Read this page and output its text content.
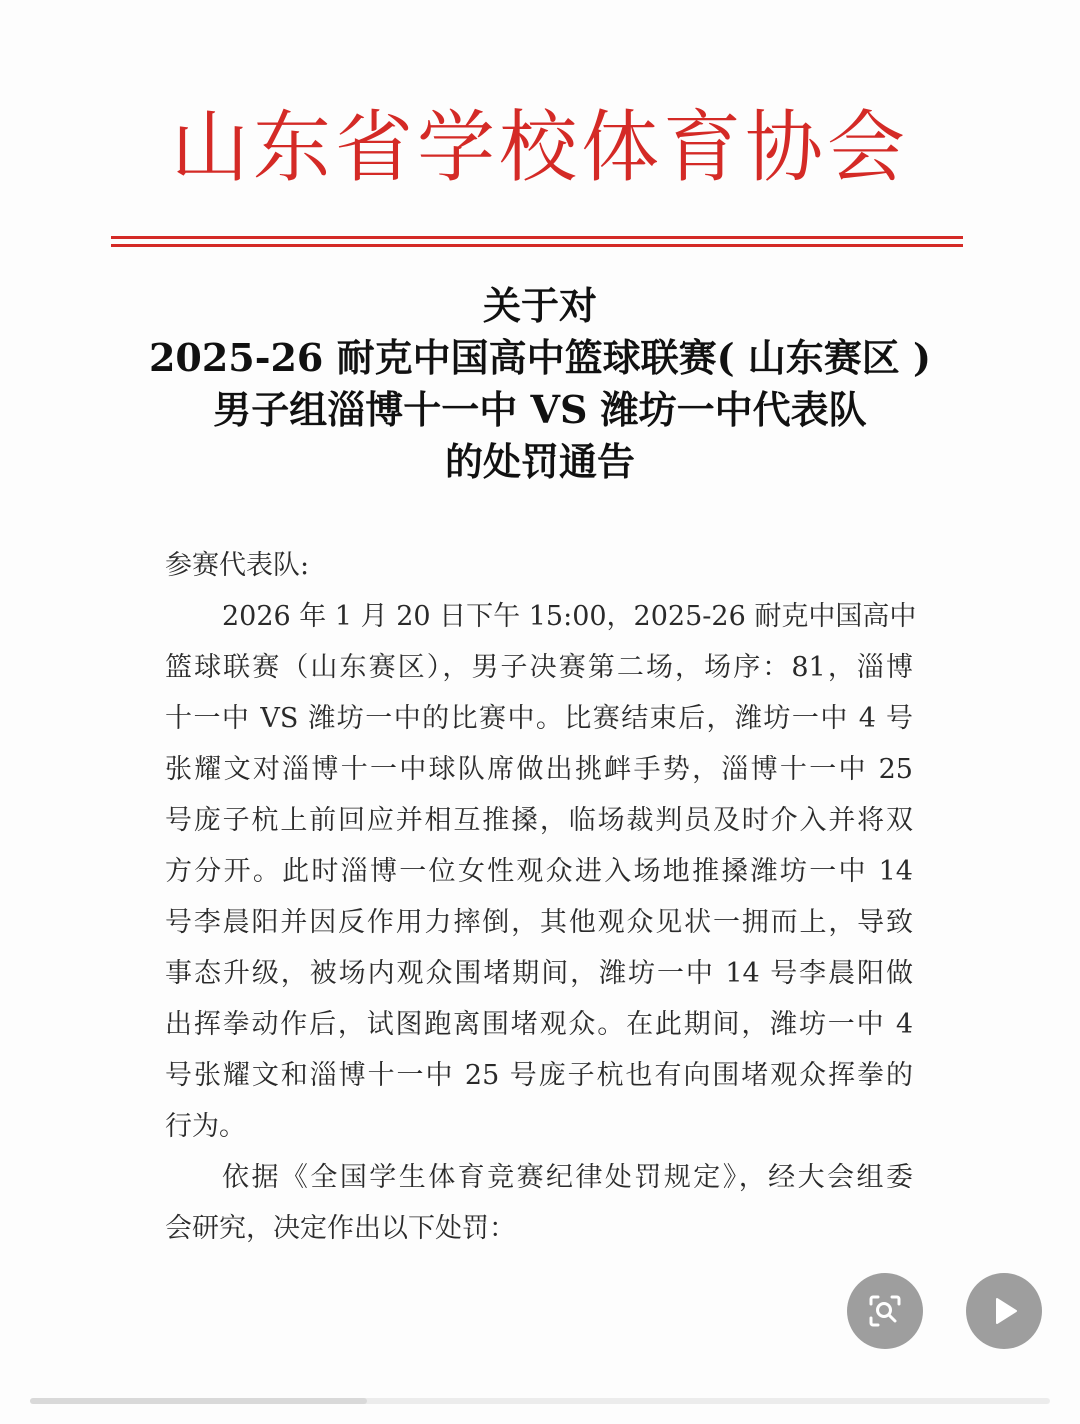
山东省学校体育协会
关于对
2025-26 耐克中国高中篮球联赛( 山东赛区 )
男子组淄博十一中 VS 潍坊一中代表队
的处罚通告
参赛代表队:
2026 年 1 月 20 日下午 15:00，2025-26 耐克中国高中
篮球联赛（山东赛区），男子决赛第二场，场序：81，淄博
十一中 VS 潍坊一中的比赛中。比赛结束后，潍坊一中 4 号
张耀文对淄博十一中球队席做出挑衅手势，淄博十一中 25
号庞子杭上前回应并相互推搡，临场裁判员及时介入并将双
方分开。此时淄博一位女性观众进入场地推搡潍坊一中 14
号李晨阳并因反作用力摔倒，其他观众见状一拥而上，导致
事态升级，被场内观众围堵期间，潍坊一中 14 号李晨阳做
出挥拳动作后，试图跑离围堵观众。在此期间，潍坊一中 4
号张耀文和淄博十一中 25 号庞子杭也有向围堵观众挥拳的
行为。
依据《全国学生体育竞赛纪律处罚规定》，经大会组委
会研究，决定作出以下处罚：
